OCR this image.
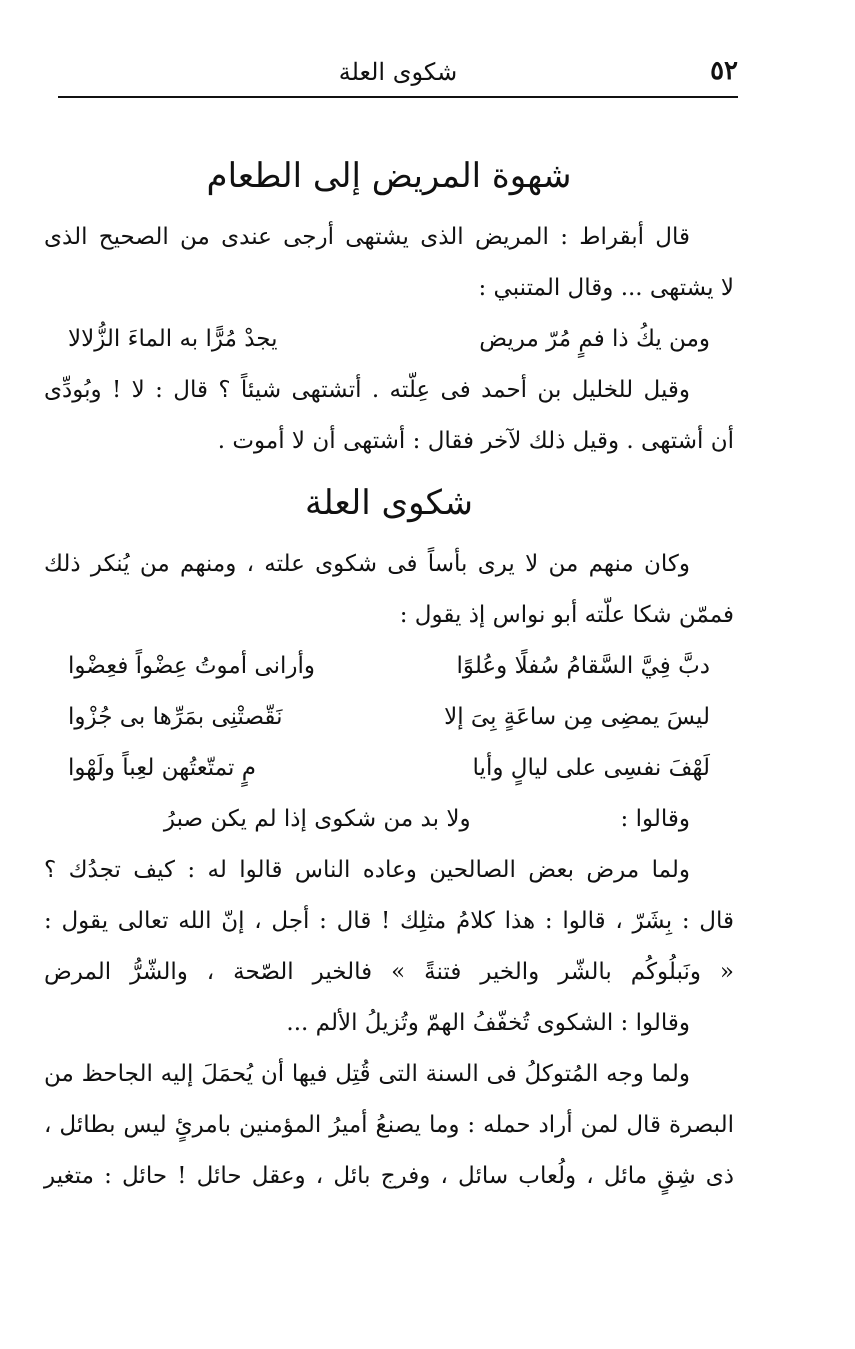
٥٢
شكوى العلة
شهوة المريض إلى الطعام
قال أبقراط : المريض الذى يشتهى أرجى عندى من الصحيح الذى
لا يشتهى ... وقال المتنبي :
ومن يكُ ذا فمٍ مُرّ مريض
يجدْ مُرًّا به الماءَ الزُّلالا
وقيل للخليل بن أحمد فى عِلّته . أتشتهى شيئاً ؟ قال : لا ! وبُودِّى
أن أشتهى . وقيل ذلك لآخر فقال : أشتهى أن لا أموت .
شكوى العلة
وكان منهم من لا يرى بأساً فى شكوى علته ، ومنهم من يُنكر ذلك
فممّن شكا علّته أبو نواس إذ يقول :
دبَّ فِيَّ السَّقامُ سُفلًا وعُلوًا
وأرانى أموتُ عِضْواً فعِضْوا
ليسَ يمضِى مِن ساعَةٍ بِىَ إلا
نَقّصتْنِى بمَرِّها بى جُزْوا
لَهْفَ نفسِى على ليالٍ وأيا
مٍ تمتّعتُهن لعِباً ولَهْوا
وقالوا :
ولا بد من شكوى إذا لم يكن صبرُ
ولما مرض بعض الصالحين وعاده الناس قالوا له : كيف تجدُك ؟
قال : بِشَرّ ، قالوا : هذا كلامُ مثلِك ! قال : أجل ، إنّ الله تعالى يقول :
« ونَبلُوكُم بالشّر والخير فتنةً » فالخير الصّحة ، والشّرُّ المرض
وقالوا : الشكوى تُخفّفُ الهمّ وتُزيلُ الألم ...
ولما وجه المُتوكلُ فى السنة التى قُتِل فيها أن يُحمَلَ إليه الجاحظ من
البصرة قال لمن أراد حمله : وما يصنعُ أميرُ المؤمنين بامرئٍ ليس بطائل ،
ذى شِقٍ مائل ، ولُعاب سائل ، وفرج بائل ، وعقل حائل ! حائل : متغير
